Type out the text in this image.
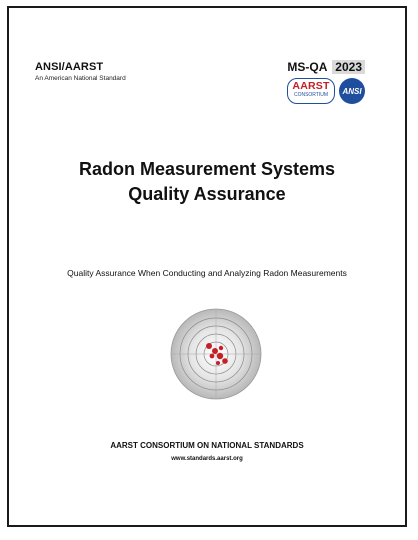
ANSI/AARST
An American National Standard
MS-QA 2023
AARST
CONSORTIUM	ANSI
Radon Measurement Systems
Quality Assurance
Quality Assurance When Conducting and Analyzing Radon Measurements
AARST CONSORTIUM ON NATIONAL STANDARDS
www.standards.aarst.org
